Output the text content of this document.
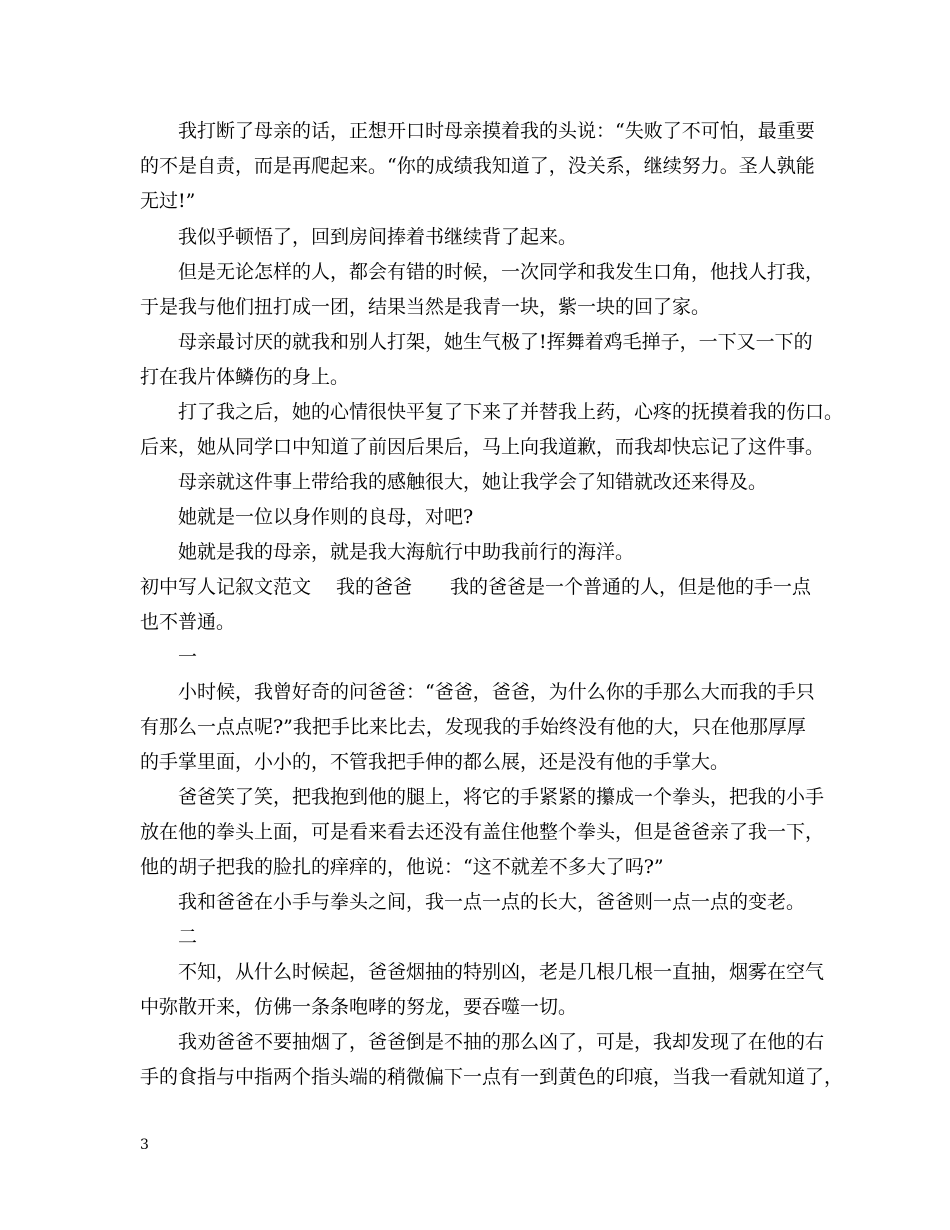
我打断了母亲的话，正想开口时母亲摸着我的头说：“失败了不可怕，最重要
的不是自责，而是再爬起来。“你的成绩我知道了，没关系，继续努力。圣人孰能
无过!”
我似乎顿悟了，回到房间捧着书继续背了起来。
但是无论怎样的人，都会有错的时候，一次同学和我发生口角，他找人打我，
于是我与他们扭打成一团，结果当然是我青一块，紫一块的回了家。
母亲最讨厌的就我和别人打架，她生气极了!挥舞着鸡毛掸子，一下又一下的
打在我片体鳞伤的身上。
打了我之后，她的心情很快平复了下来了并替我上药，心疼的抚摸着我的伤口。
后来，她从同学口中知道了前因后果后，马上向我道歉，而我却快忘记了这件事。
母亲就这件事上带给我的感触很大，她让我学会了知错就改还来得及。
她就是一位以身作则的良母，对吧?
她就是我的母亲，就是我大海航行中助我前行的海洋。
初中写人记叙文范文　 我的爸爸　　我的爸爸是一个普通的人，但是他的手一点
也不普通。
一
小时候，我曾好奇的问爸爸：“爸爸，爸爸，为什么你的手那么大而我的手只
有那么一点点呢?”我把手比来比去，发现我的手始终没有他的大，只在他那厚厚
的手掌里面，小小的，不管我把手伸的都么展，还是没有他的手掌大。
爸爸笑了笑，把我抱到他的腿上，将它的手紧紧的攥成一个拳头，把我的小手
放在他的拳头上面，可是看来看去还没有盖住他整个拳头，但是爸爸亲了我一下，
他的胡子把我的脸扎的痒痒的，他说：“这不就差不多大了吗?”
我和爸爸在小手与拳头之间，我一点一点的长大，爸爸则一点一点的变老。
二
不知，从什么时候起，爸爸烟抽的特别凶，老是几根几根一直抽，烟雾在空气
中弥散开来，仿佛一条条咆哮的努龙，要吞噬一切。
我劝爸爸不要抽烟了，爸爸倒是不抽的那么凶了，可是，我却发现了在他的右
手的食指与中指两个指头端的稍微偏下一点有一到黄色的印痕，当我一看就知道了，
3
